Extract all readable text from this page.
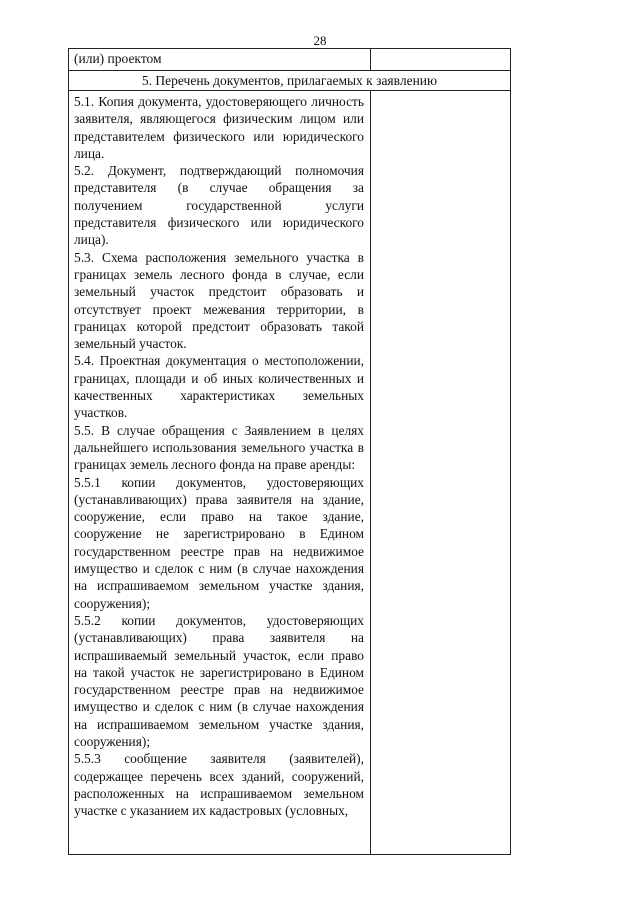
28
(или) проектом
5. Перечень документов, прилагаемых к заявлению

5.1. Копия документа, удостоверяющего личность заявителя, являющегося физическим лицом или представителем физического или юридического лица.

5.2. Документ, подтверждающий полномочия представителя (в случае обращения за получением государственной услуги представителя физического или юридического лица).

5.3. Схема расположения земельного участка в границах земель лесного фонда в случае, если земельный участок предстоит образовать и отсутствует проект межевания территории, в границах которой предстоит образовать такой земельный участок.

5.4. Проектная документация о местоположении, границах, площади и об иных количественных и качественных характеристиках земельных участков.

5.5. В случае обращения с Заявлением в целях дальнейшего использования земельного участка в границах земель лесного фонда на праве аренды:

5.5.1 копии документов, удостоверяющих (устанавливающих) права заявителя на здание, сооружение, если право на такое здание, сооружение не зарегистрировано в Едином государственном реестре прав на недвижимое имущество и сделок с ним (в случае нахождения на испрашиваемом земельном участке здания, сооружения);

5.5.2 копии документов, удостоверяющих (устанавливающих) права заявителя на испрашиваемый земельный участок, если право на такой участок не зарегистрировано в Едином государственном реестре прав на недвижимое имущество и сделок с ним (в случае нахождения на испрашиваемом земельном участке здания, сооружения);

5.5.3 сообщение заявителя (заявителей), содержащее перечень всех зданий, сооружений, расположенных на испрашиваемом земельном участке с указанием их кадастровых (условных,
